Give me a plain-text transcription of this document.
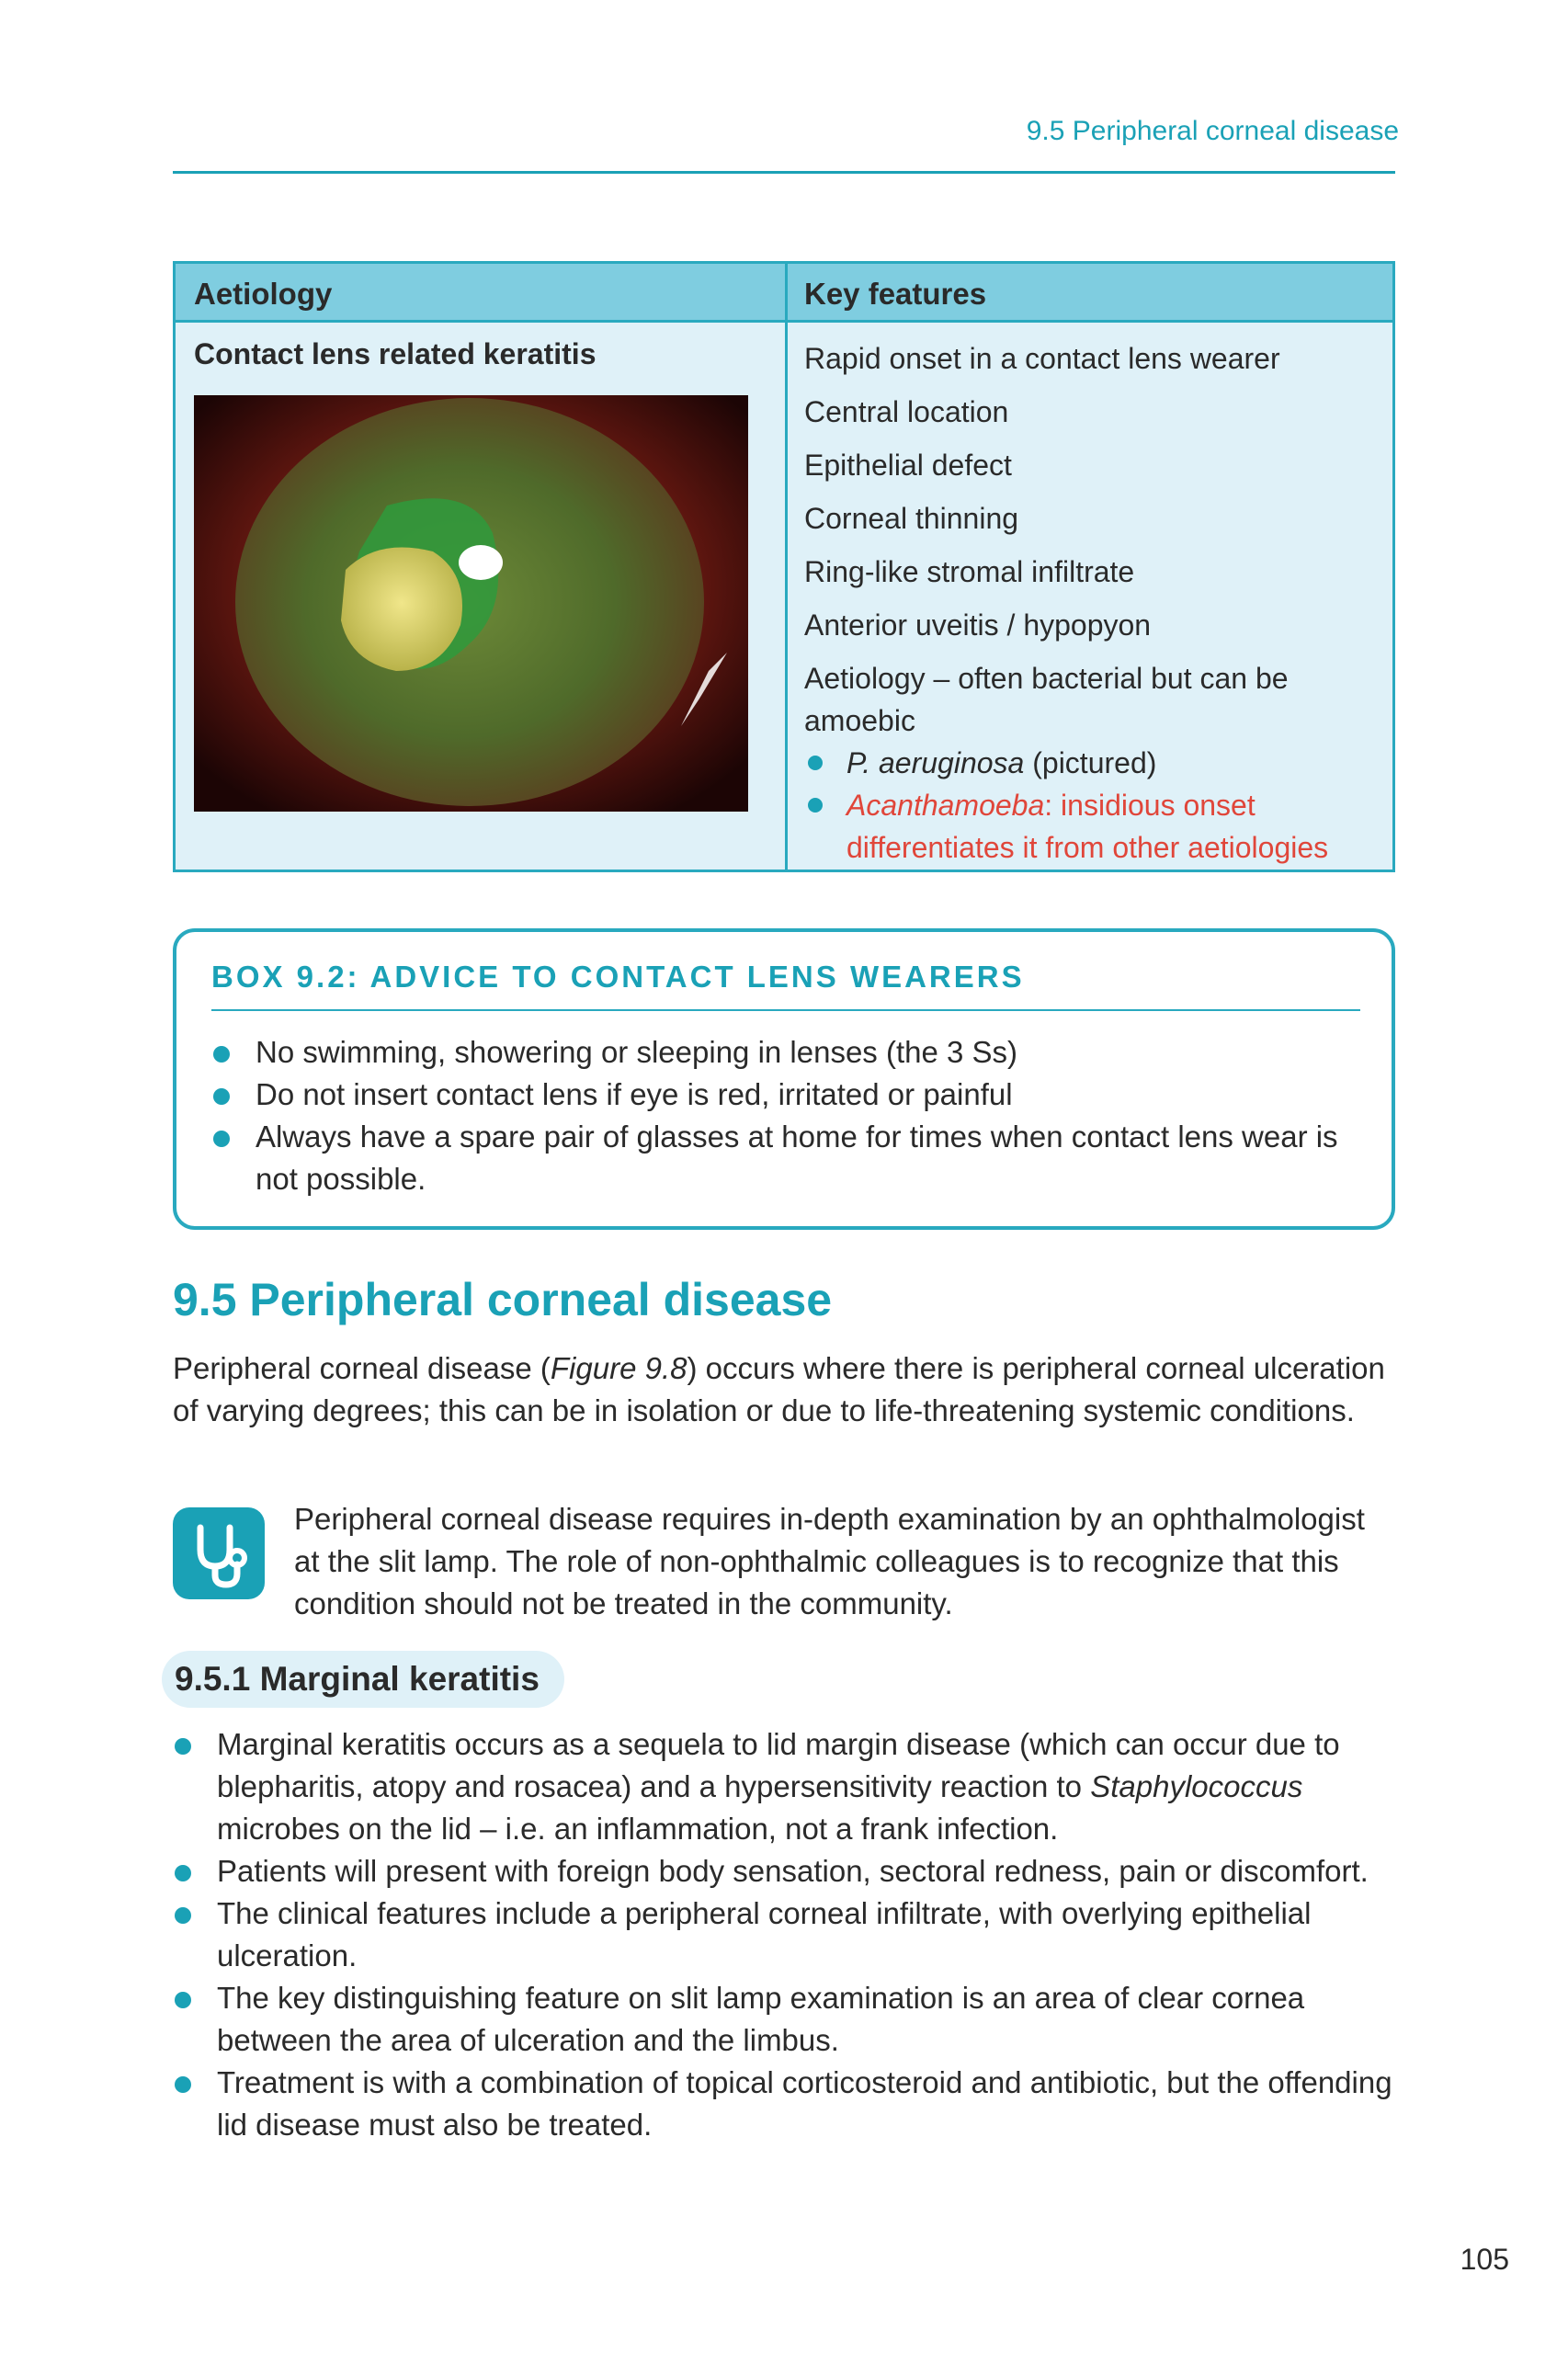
9.5 Peripheral corneal disease
Aetiology	Key features
Contact lens related keratitis	Rapid onset in a contact lens wearer
Central location
Epithelial defect
Corneal thinning
Ring-like stromal infiltrate
Anterior uveitis / hypopyon
Aetiology – often bacterial but can be amoebic
P. aeruginosa (pictured)
Acanthamoeba: insidious onset differentiates it from other aetiologies
BOX 9.2: ADVICE TO CONTACT LENS WEARERS
No swimming, showering or sleeping in lenses (the 3 Ss)
Do not insert contact lens if eye is red, irritated or painful
Always have a spare pair of glasses at home for times when contact lens wear is not possible.
9.5 Peripheral corneal disease
Peripheral corneal disease (Figure 9.8) occurs where there is peripheral corneal ulceration of varying degrees; this can be in isolation or due to life-threatening systemic conditions.
Peripheral corneal disease requires in-depth examination by an ophthalmologist at the slit lamp. The role of non-ophthalmic colleagues is to recognize that this condition should not be treated in the community.
9.5.1 Marginal keratitis
Marginal keratitis occurs as a sequela to lid margin disease (which can occur due to blepharitis, atopy and rosacea) and a hypersensitivity reaction to Staphylococcus microbes on the lid – i.e. an inflammation, not a frank infection.
Patients will present with foreign body sensation, sectoral redness, pain or discomfort.
The clinical features include a peripheral corneal infiltrate, with overlying epithelial ulceration.
The key distinguishing feature on slit lamp examination is an area of clear cornea between the area of ulceration and the limbus.
Treatment is with a combination of topical corticosteroid and antibiotic, but the offending lid disease must also be treated.
105
